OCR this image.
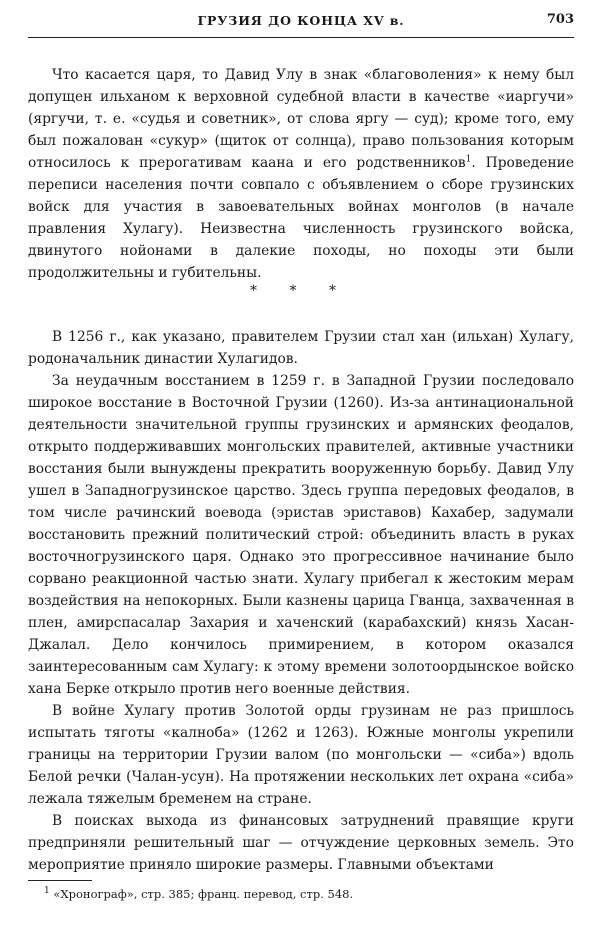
ГРУЗИЯ ДО КОНЦА XV в.	703

Что касается царя, то Давид Улу в знак «благоволения» к нему был допущен ильханом к верховной судебной власти в качестве «иаргучи» (яргучи, т. е. «судья и советник», от слова яргу — суд); кроме того, ему был пожалован «сукур» (щиток от солнца), право пользования которым относилось к прерогативам каана и его родственников$^1$. Проведение переписи населения почти совпало с объявлением о сборе грузинских войск для участия в завоевательных войнах монголов (в начале правления Хулагу). Неизвестна численность грузинского войска, двинутого нойонами в далекие походы, но походы эти были продолжительны и губительны.

* * *

В 1256 г., как указано, правителем Грузии стал хан (ильхан) Хулагу, родоначальник династии Хулагидов.

За неудачным восстанием в 1259 г. в Западной Грузии последовало широкое восстание в Восточной Грузии (1260). Из-за антинациональной деятельности значительной группы грузинских и армянских феодалов, открыто поддерживавших монгольских правителей, активные участники восстания были вынуждены прекратить вооруженную борьбу. Давид Улу ушел в Западногрузинское царство. Здесь группа передовых феодалов, в том числе рачинский воевода (эристав эриставов) Кахабер, задумали восстановить прежний политический строй: объединить власть в руках восточногрузинского царя. Однако это прогрессивное начинание было сорвано реакционной частью знати. Хулагу прибегал к жестоким мерам воздействия на непокорных. Были казнены царица Гванца, захваченная в плен, амирспасалар Захария и хаченский (карабахский) князь Хасан-Джалал. Дело кончилось примирением, в котором оказался заинтересованным сам Хулагу: к этому времени золотоордынское войско хана Берке открыло против него военные действия.

В войне Хулагу против Золотой орды грузинам не раз пришлось испытать тяготы «калноба» (1262 и 1263). Южные монголы укрепили границы на территории Грузии валом (по монгольски — «сиба») вдоль Белой речки (Чалан-усун). На протяжении нескольких лет охрана «сиба» лежала тяжелым бременем на стране.

В поисках выхода из финансовых затруднений правящие круги предприняли решительный шаг — отчуждение церковных земель. Это мероприятие приняло широкие размеры. Главными объектами

$^1$ «Хронограф», стр. 385; франц. перевод, стр. 548.
